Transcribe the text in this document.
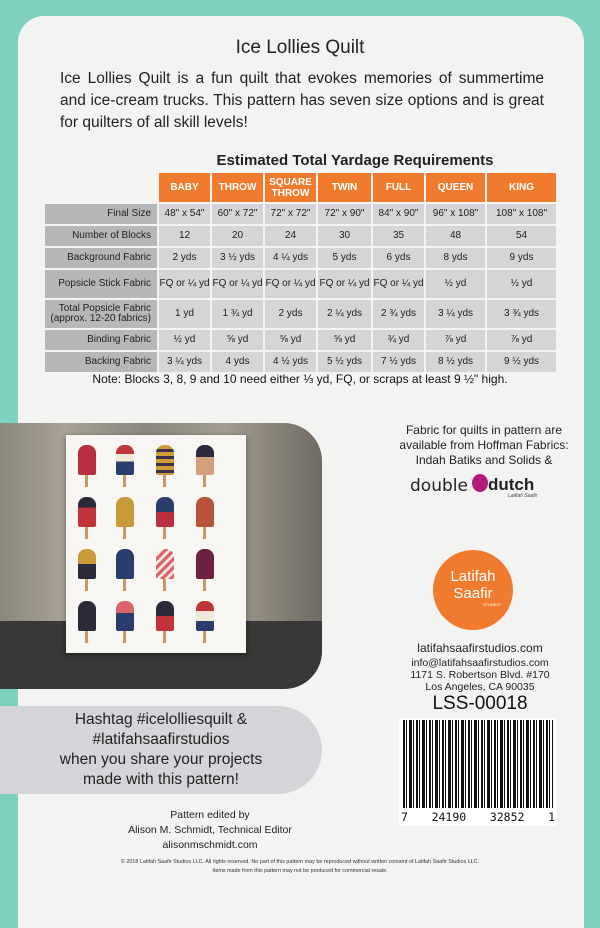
Ice Lollies Quilt
Ice Lollies Quilt is a fun quilt that evokes memories of summertime and ice-cream trucks. This pattern has seven size options and is great for quilters of all skill levels!
Estimated Total Yardage Requirements
	BABY	THROW	SQUARE THROW	TWIN	FULL	QUEEN	KING
Final Size	48" x 54"	60" x 72"	72" x 72"	72" x 90"	84" x 90"	96" x 108"	108" x 108"
Number of Blocks	12	20	24	30	35	48	54
Background Fabric	2 yds	3 ½ yds	4 ¼ yds	5 yds	6 yds	8 yds	9 yds
Popsicle Stick Fabric	FQ or ¼ yd	FQ or ¼ yd	FQ or ¼ yd	FQ or ¼ yd	FQ or ¼ yd	½ yd	½ yd
Total Popsicle Fabric (approx. 12-20 fabrics)	1 yd	1 ¾ yd	2 yds	2 ¼ yds	2 ¾ yds	3 ¼ yds	3 ¾ yds
Binding Fabric	½ yd	⅝ yd	⅝ yd	⅝ yd	¾ yd	⅞ yd	⅞ yd
Backing Fabric	3 ¼ yds	4 yds	4 ½ yds	5 ½ yds	7 ½ yds	8 ½ yds	9 ½ yds
Note: Blocks 3, 8, 9 and 10 need either ⅓ yd, FQ, or scraps at least 9 ½" high.
Fabric for quilts in pattern are
available from Hoffman Fabrics:
Indah Batiks and Solids &
double dutch
Latifah Saafir
Latifah
Saafir
STUDIOS
latifahsaafirstudios.com
info@latifahsaafirstudios.com
1171 S. Robertson Blvd. #170
Los Angeles, CA 90035
LSS-00018
7 24190 32852 1
Hashtag #icelolliesquilt &
#latifahsaafirstudios
when you share your projects
made with this pattern!
Pattern edited by
Alison M. Schmidt, Technical Editor
alisonmschmidt.com
© 2018 Latifah Saafir Studios LLC. All rights reserved. No part of this pattern may be reproduced without written consent of Latifah Saafir Studios LLC.
Items made from this pattern may not be produced for commercial resale.
